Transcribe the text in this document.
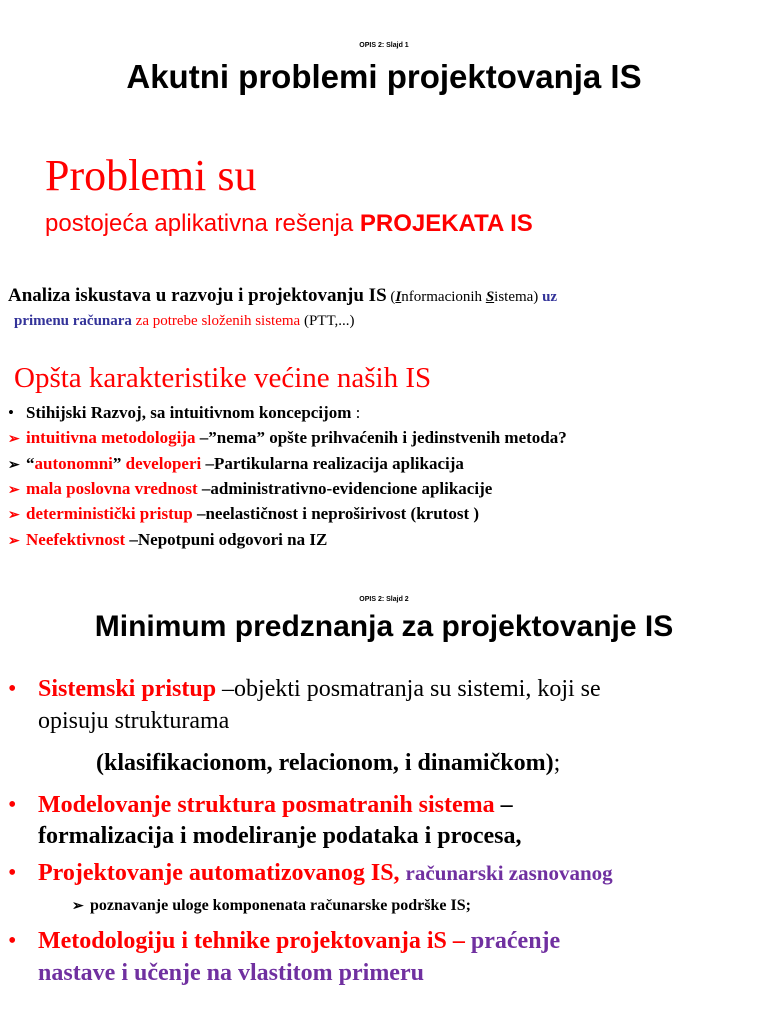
OPIS 2: Slajd 1
Akutni problemi projektovanja IS
Problemi su
postojeća aplikativna rešenja PROJEKATA IS
Analiza iskustava u razvoju i projektovanju IS (Informacionih Sistema) uz
primenu računara za potrebe složenih sistema (PTT,...)
Opšta karakteristike većine naših IS
• Stihijski Razvoj, sa intuitivnom koncepcijom :
➢ intuitivna metodologija –”nema” opšte prihvaćenih i jedinstvenih metoda?
➢ “autonomni” developeri –Partikularna realizacija aplikacija
➢ mala poslovna vrednost –administrativno-evidencione aplikacije
➢ deterministički pristup –neelastičnost i neproširivost (krutost )
➢ Neefektivnost –Nepotpuni odgovori na IZ
OPIS 2: Slajd 2
Minimum predznanja za projektovanje IS
• Sistemski pristup –objekti posmatranja su sistemi, koji se
opisuju strukturama
(klasifikacionom, relacionom, i dinamičkom);
• Modelovanje struktura posmatranih sistema –
formalizacija i modeliranje podataka i procesa,
• Projektovanje automatizovanog IS, računarski zasnovanog
➢ poznavanje uloge komponenata računarske podrške IS;
• Metodologiju i tehnike projektovanja iS – praćenje
nastave i učenje na vlastitom primeru
